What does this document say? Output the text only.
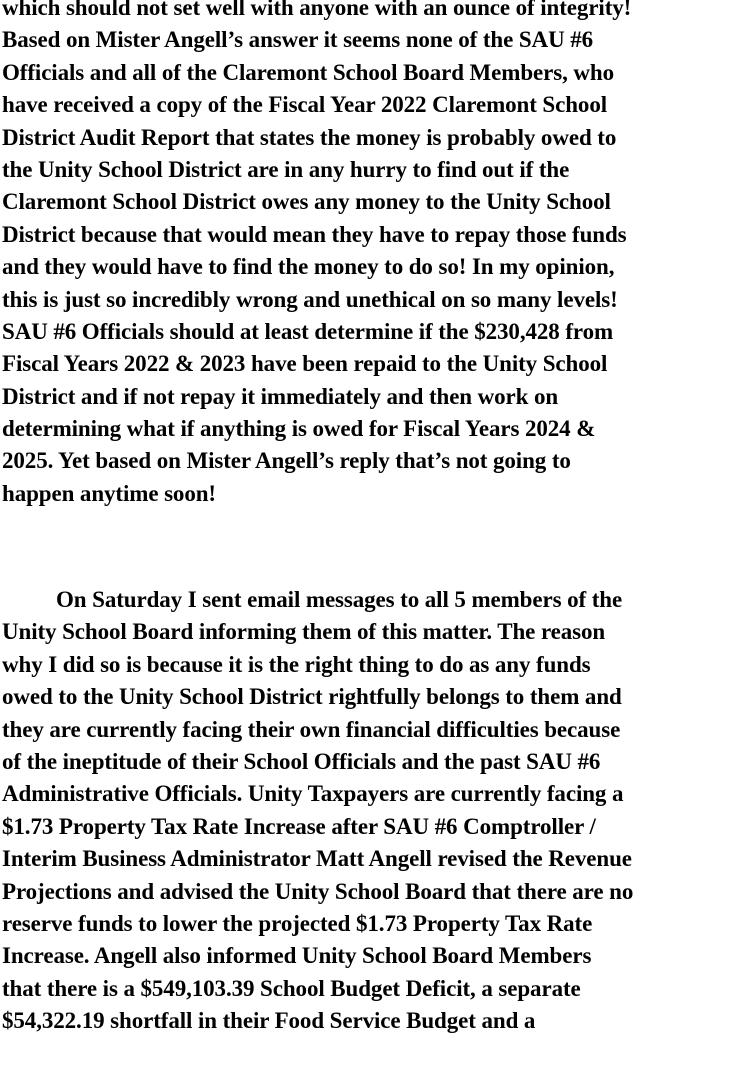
which should not set well with anyone with an ounce of integrity!
Based on Mister Angell’s answer it seems none of the SAU #6
Officials and all of the Claremont School Board Members, who
have received a copy of the Fiscal Year 2022 Claremont School
District Audit Report that states the money is probably owed to
the Unity School District are in any hurry to find out if the
Claremont School District owes any money to the Unity School
District because that would mean they have to repay those funds
and they would have to find the money to do so! In my opinion,
this is just so incredibly wrong and unethical on so many levels!
SAU #6 Officials should at least determine if the $230,428 from
Fiscal Years 2022 & 2023 have been repaid to the Unity School
District and if not repay it immediately and then work on
determining what if anything is owed for Fiscal Years 2024 &
2025. Yet based on Mister Angell’s reply that’s not going to
happen anytime soon!
On Saturday I sent email messages to all 5 members of the
Unity School Board informing them of this matter. The reason
why I did so is because it is the right thing to do as any funds
owed to the Unity School District rightfully belongs to them and
they are currently facing their own financial difficulties because
of the ineptitude of their School Officials and the past SAU #6
Administrative Officials. Unity Taxpayers are currently facing a
$1.73 Property Tax Rate Increase after SAU #6 Comptroller /
Interim Business Administrator Matt Angell revised the Revenue
Projections and advised the Unity School Board that there are no
reserve funds to lower the projected $1.73 Property Tax Rate
Increase. Angell also informed Unity School Board Members
that there is a $549,103.39 School Budget Deficit, a separate
$54,322.19 shortfall in their Food Service Budget and a
